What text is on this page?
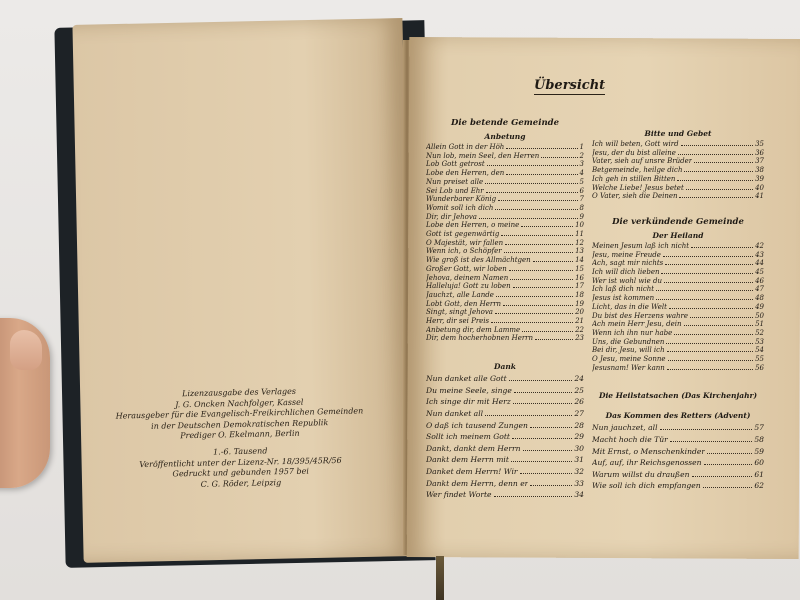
Lizenzausgabe des Verlages
J. G. Oncken Nachfolger, Kassel
Herausgeber für die Evangelisch-Freikirchlichen Gemeinden
in der Deutschen Demokratischen Republik
Prediger O. Ekelmann, Berlin
1.-6. Tausend
Veröffentlicht unter der Lizenz-Nr. 18/395/45R/56
Gedruckt und gebunden 1957 bei
C. G. Röder, Leipzig
Übersicht
Die betende Gemeinde
Anbetung
Allein Gott in der Höh	1
Nun lob, mein Seel, den Herren	2
Lob Gott getrost	3
Lobe den Herren, den	4
Nun preiset alle	5
Sei Lob und Ehr	6
Wunderbarer König	7
Womit soll ich dich	8
Dir, dir Jehova	9
Lobe den Herren, o meine	10
Gott ist gegenwärtig	11
O Majestät, wir fallen	12
Wenn ich, o Schöpfer	13
Wie groß ist des Allmächtgen	14
Großer Gott, wir loben	15
Jehova, deinem Namen	16
Halleluja! Gott zu loben	17
Jauchzt, alle Lande	18
Lobt Gott, den Herrn	19
Singt, singt Jehova	20
Herr, dir sei Preis	21
Anbetung dir, dem Lamme	22
Dir, dem hocherhobnen Herrn	23
Dank
Nun danket alle Gott	24
Du meine Seele, singe	25
Ich singe dir mit Herz	26
Nun danket all	27
O daß ich tausend Zungen	28
Sollt ich meinem Gott	29
Dankt, dankt dem Herrn	30
Dankt dem Herrn mit	31
Danket dem Herrn! Wir	32
Dankt dem Herrn, denn er	33
Wer findet Worte	34
Bitte und Gebet
Ich will beten, Gott wird	35
Jesu, der du bist alleine	36
Vater, sieh auf unsre Brüder	37
Betgemeinde, heilge dich	38
Ich geh in stillen Bitten	39
Welche Liebe! Jesus betet	40
O Vater, sieh die Deinen	41
Die verkündende Gemeinde
Der Heiland
Meinen Jesum laß ich nicht	42
Jesu, meine Freude	43
Ach, sagt mir nichts	44
Ich will dich lieben	45
Wer ist wohl wie du	46
Ich laß dich nicht	47
Jesus ist kommen	48
Licht, das in die Welt	49
Du bist des Herzens wahre	50
Ach mein Herr Jesu, dein	51
Wenn ich ihn nur habe	52
Uns, die Gebundnen	53
Bei dir, Jesu, will ich	54
O Jesu, meine Sonne	55
Jesusnam! Wer kann	56
Die Heilstatsachen (Das Kirchenjahr)
Das Kommen des Retters (Advent)
Nun jauchzet, all	57
Macht hoch die Tür	58
Mit Ernst, o Menschenkinder	59
Auf, auf, ihr Reichsgenossen	60
Warum willst du draußen	61
Wie soll ich dich empfangen	62
